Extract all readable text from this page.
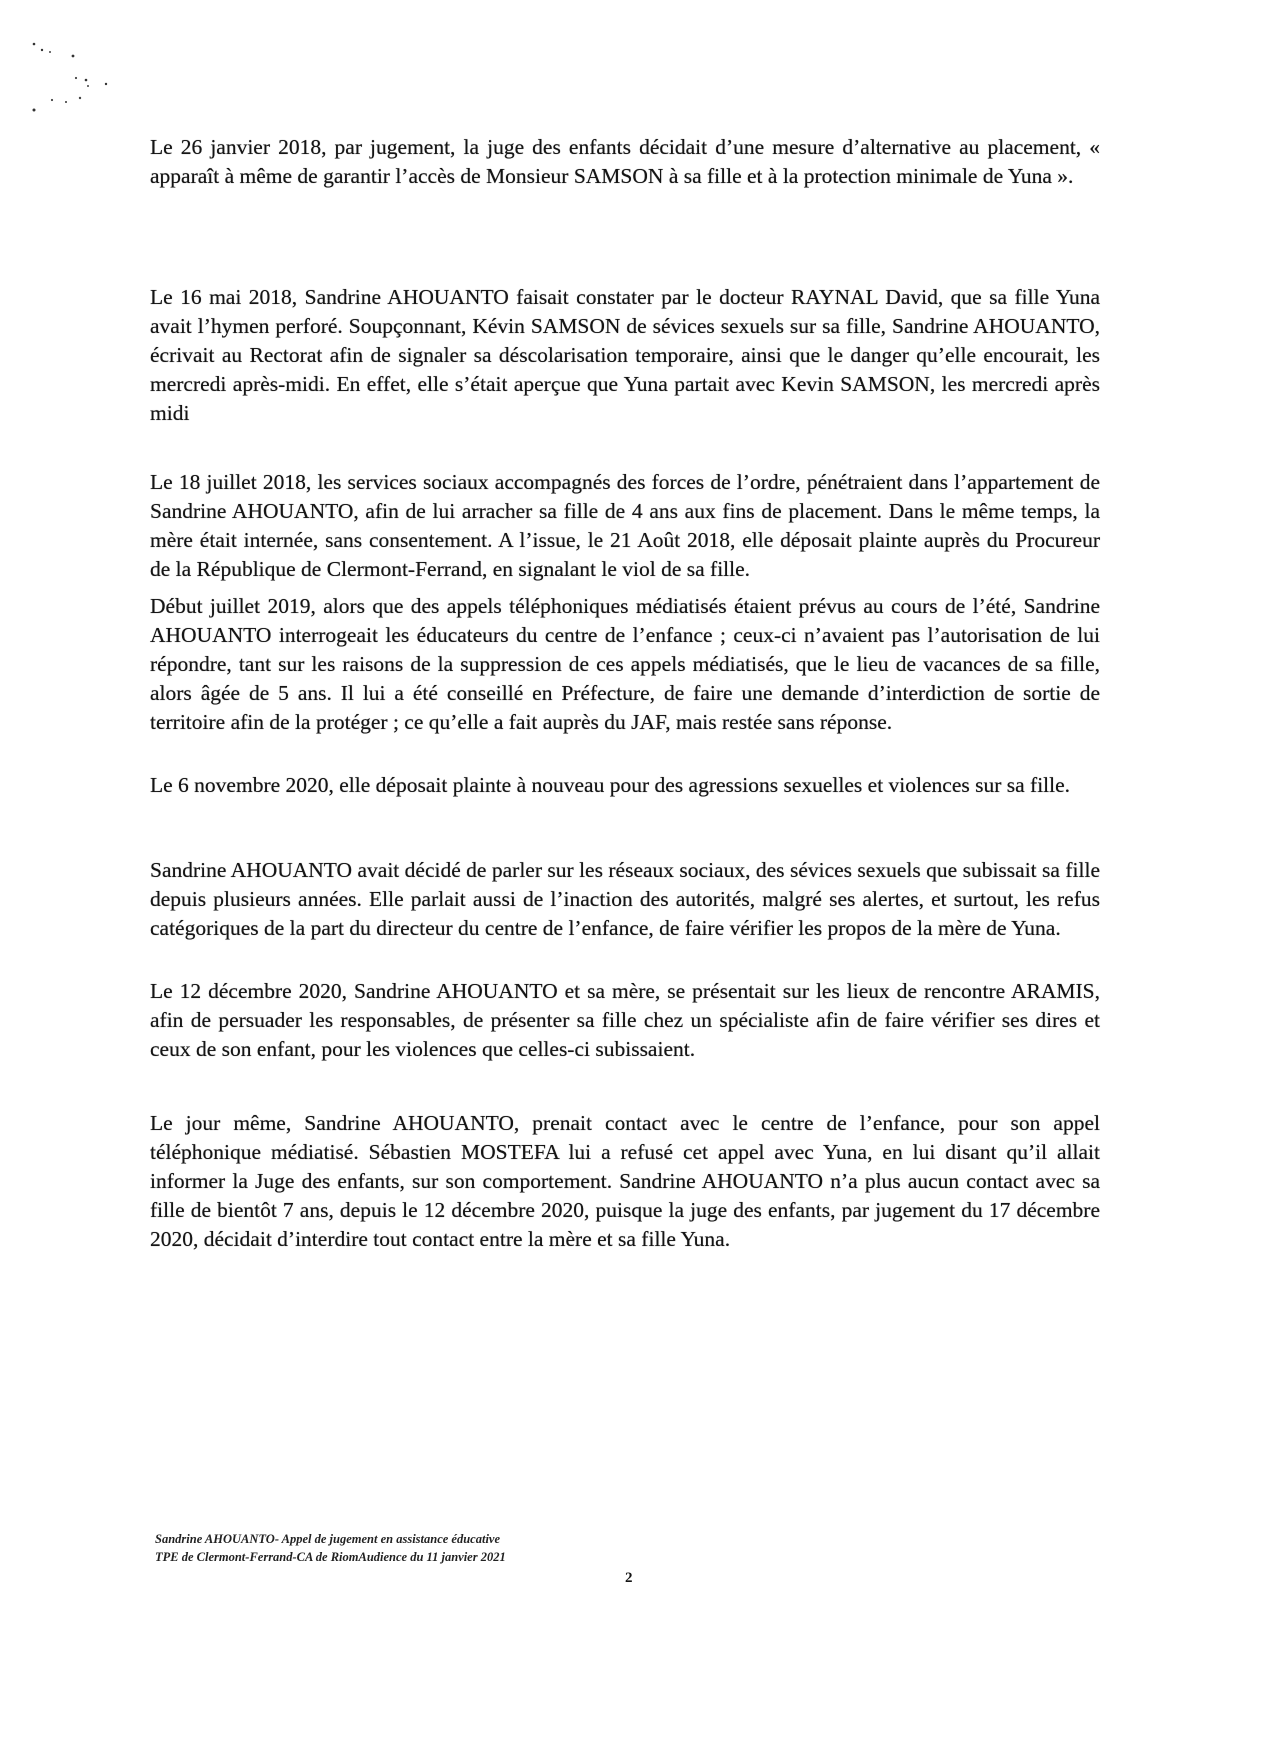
Le 26 janvier 2018, par jugement, la juge des enfants décidait d’une mesure d’alternative au placement, « apparaît à même de garantir l’accès de Monsieur SAMSON à sa fille et à la protection minimale de Yuna ».

Le 16 mai 2018, Sandrine AHOUANTO faisait constater par le docteur RAYNAL David, que sa fille Yuna avait l’hymen perforé. Soupçonnant, Kévin SAMSON de sévices sexuels sur sa fille, Sandrine AHOUANTO, écrivait au Rectorat afin de signaler sa déscolarisation temporaire, ainsi que le danger qu’elle encourait, les mercredi après-midi. En effet, elle s’était aperçue que Yuna partait avec Kevin SAMSON, les mercredi après midi

Le 18 juillet 2018, les services sociaux accompagnés des forces de l’ordre, pénétraient dans l’appartement de Sandrine AHOUANTO, afin de lui arracher sa fille de 4 ans aux fins de placement. Dans le même temps, la mère était internée, sans consentement. A l’issue, le 21 Août 2018, elle déposait plainte auprès du Procureur de la République de Clermont-Ferrand, en signalant le viol de sa fille.

Début juillet 2019, alors que des appels téléphoniques médiatisés étaient prévus au cours de l’été, Sandrine AHOUANTO interrogeait les éducateurs du centre de l’enfance ; ceux-ci n’avaient pas l’autorisation de lui répondre, tant sur les raisons de la suppression de ces appels médiatisés, que le lieu de vacances de sa fille, alors âgée de 5 ans. Il lui a été conseillé en Préfecture, de faire une demande d’interdiction de sortie de territoire afin de la protéger ; ce qu’elle a fait auprès du JAF, mais restée sans réponse.

Le 6 novembre 2020, elle déposait plainte à nouveau pour des agressions sexuelles et violences sur sa fille.

Sandrine AHOUANTO avait décidé de parler sur les réseaux sociaux, des sévices sexuels que subissait sa fille depuis plusieurs années. Elle parlait aussi de l’inaction des autorités, malgré ses alertes, et surtout, les refus catégoriques de la part du directeur du centre de l’enfance, de faire vérifier les propos de la mère de Yuna.

Le 12 décembre 2020, Sandrine AHOUANTO et sa mère, se présentait sur les lieux de rencontre ARAMIS, afin de persuader les responsables, de présenter sa fille chez un spécialiste afin de faire vérifier ses dires et ceux de son enfant, pour les violences que celles-ci subissaient.

Le jour même, Sandrine AHOUANTO, prenait contact avec le centre de l’enfance, pour son appel téléphonique médiatisé. Sébastien MOSTEFA lui a refusé cet appel avec Yuna, en lui disant qu’il allait informer la Juge des enfants, sur son comportement. Sandrine AHOUANTO n’a plus aucun contact avec sa fille de bientôt 7 ans, depuis le 12 décembre 2020, puisque la juge des enfants, par jugement du 17 décembre 2020, décidait d’interdire tout contact entre la mère et sa fille Yuna.

Sandrine AHOUANTO- Appel de jugement en assistance éducative
TPE de Clermont-Ferrand-CA de RiomAudience du 11 janvier 2021
2
